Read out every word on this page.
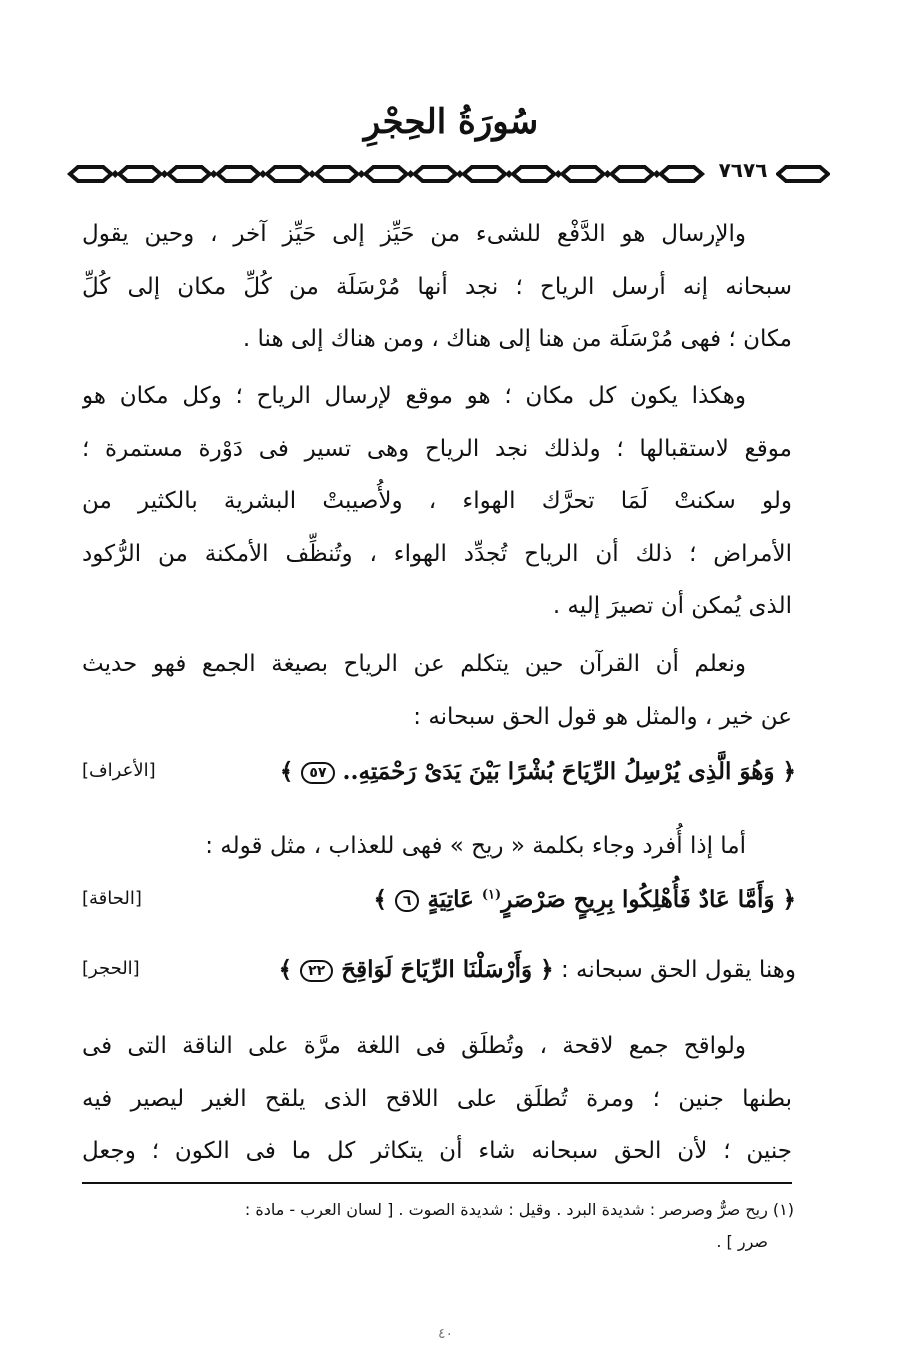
سُورَةُ الحِجْرِ
٧٦٧٦
والإرسال هو الدَّفْع للشىء من حَيِّز إلى حَيِّز آخر ، وحين يقول
سبحانه إنه أرسل الرياح ؛ نجد أنها مُرْسَلَة من كُلِّ مكان إلى كُلِّ
مكان ؛ فهى مُرْسَلَة من هنا إلى هناك ، ومن هناك إلى هنا .
وهكذا يكون كل مكان ؛ هو موقع لإرسال الرياح ؛ وكل مكان هو
موقع لاستقبالها ؛ ولذلك نجد الرياح وهى تسير فى دَوْرة مستمرة ؛
ولو سكنتْ لَمَا تحرَّك الهواء ، ولأُصيبتْ البشرية بالكثير من
الأمراض ؛ ذلك أن الرياح تُجدِّد الهواء ، وتُنظِّف الأمكنة من الرُّكود
الذى يُمكن أن تصيرَ إليه .
ونعلم أن القرآن حين يتكلم عن الرياح بصيغة الجمع فهو حديث
عن خير ، والمثل هو قول الحق سبحانه :
﴿ وَهُوَ الَّذِى يُرْسِلُ الرِّيَاحَ بُشْرًا بَيْنَ يَدَىْ رَحْمَتِهِ.. ٥٧ ﴾
[الأعراف]
أما إذا أُفرد وجاء بكلمة « ريح » فهى للعذاب ، مثل قوله :
﴿ وَأَمَّا عَادٌ فَأُهْلِكُوا بِرِيحٍ صَرْصَرٍ$^{(١)}$ عَاتِيَةٍ ٦ ﴾
[الحاقة]
وهنا يقول الحق سبحانه : ﴿ وَأَرْسَلْنَا الرِّيَاحَ لَوَاقِحَ ٢٢ ﴾
[الحجر]
ولواقح جمع لاقحة ، وتُطلَق فى اللغة مرَّة على الناقة التى فى
بطنها جنين ؛ ومرة تُطلَق على اللاقح الذى يلقح الغير ليصير فيه
جنين ؛ لأن الحق سبحانه شاء أن يتكاثر كل ما فى الكون ؛ وجعل
(١) ريح صرٌّ وصرصر : شديدة البرد . وقيل : شديدة الصوت . [ لسان العرب - مادة :
صرر ] .
٤٠
